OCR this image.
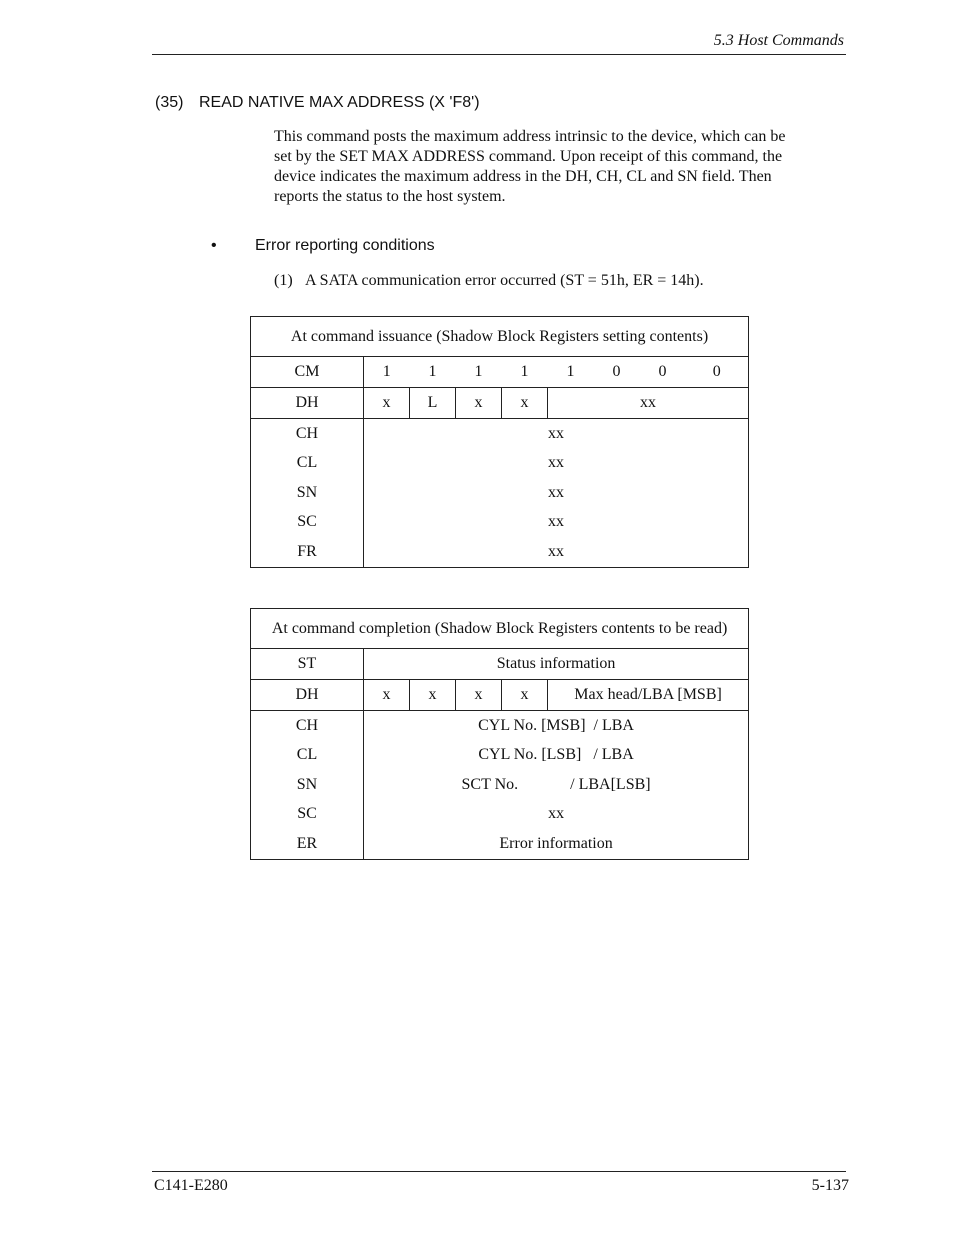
5.3 Host Commands
(35) READ NATIVE MAX ADDRESS (X 'F8')

This command posts the maximum address intrinsic to the device, which can be

set by the SET MAX ADDRESS command. Upon receipt of this command, the

device indicates the maximum address in the DH, CH, CL and SN field. Then

reports the status to the host system.

• Error reporting conditions
(1) A SATA communication error occurred (ST = 51h, ER = 14h).
At command issuance (Shadow Block Registers setting contents)								
CM	1	1	1	1	1	0	0	0
DH	x	L	x	x	xx			
CH	xx							
CL	xx							
SN	xx							
SC	xx							
FR	xx							
At command completion (Shadow Block Registers contents to be read)					
ST	Status information				
DH	x	x	x	x	Max head/LBA [MSB]
CH	CYL No. [MSB]  / LBA				
CL	CYL No. [LSB]   / LBA				
SN	SCT No.             / LBA[LSB]				
SC	xx				
ER	Error information				
C141-E280	5-137
